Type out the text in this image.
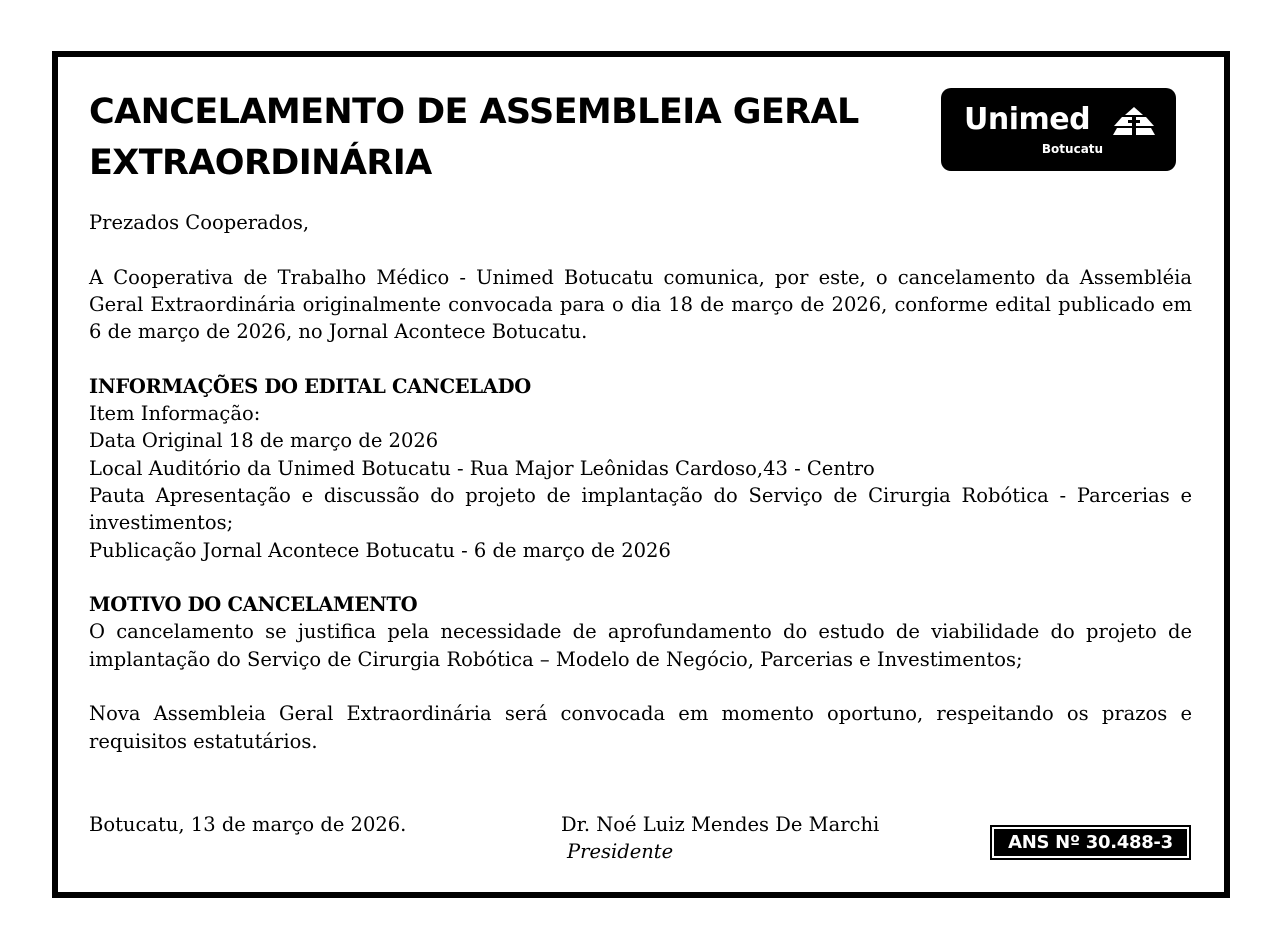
CANCELAMENTO DE ASSEMBLEIA GERAL
EXTRAORDINÁRIA
Unimed
Botucatu

Prezados Cooperados,

A Cooperativa de Trabalho Médico - Unimed Botucatu comunica, por este, o cancelamento da Assembléia Geral Extraordinária originalmente convocada para o dia 18 de março de 2026, conforme edital publicado em 6 de março de 2026, no Jornal Acontece Botucatu.

INFORMAÇÕES DO EDITAL CANCELADO

Item Informação:

Data Original 18 de março de 2026

Local Auditório da Unimed Botucatu - Rua Major Leônidas Cardoso,43 - Centro

Pauta Apresentação e discussão do projeto de implantação do Serviço de Cirurgia Robótica - Parcerias e investimentos;

Publicação Jornal Acontece Botucatu - 6 de março de 2026

MOTIVO DO CANCELAMENTO

O cancelamento se justifica pela necessidade de aprofundamento do estudo de viabilidade do projeto de implantação do Serviço de Cirurgia Robótica – Modelo de Negócio, Parcerias e Investimentos;

Nova Assembleia Geral Extraordinária será convocada em momento oportuno, respeitando os prazos e requisitos estatutários.

Botucatu, 13 de março de 2026.	Dr. Noé Luiz Mendes De Marchi
Presidente	ANS Nº 30.488-3
